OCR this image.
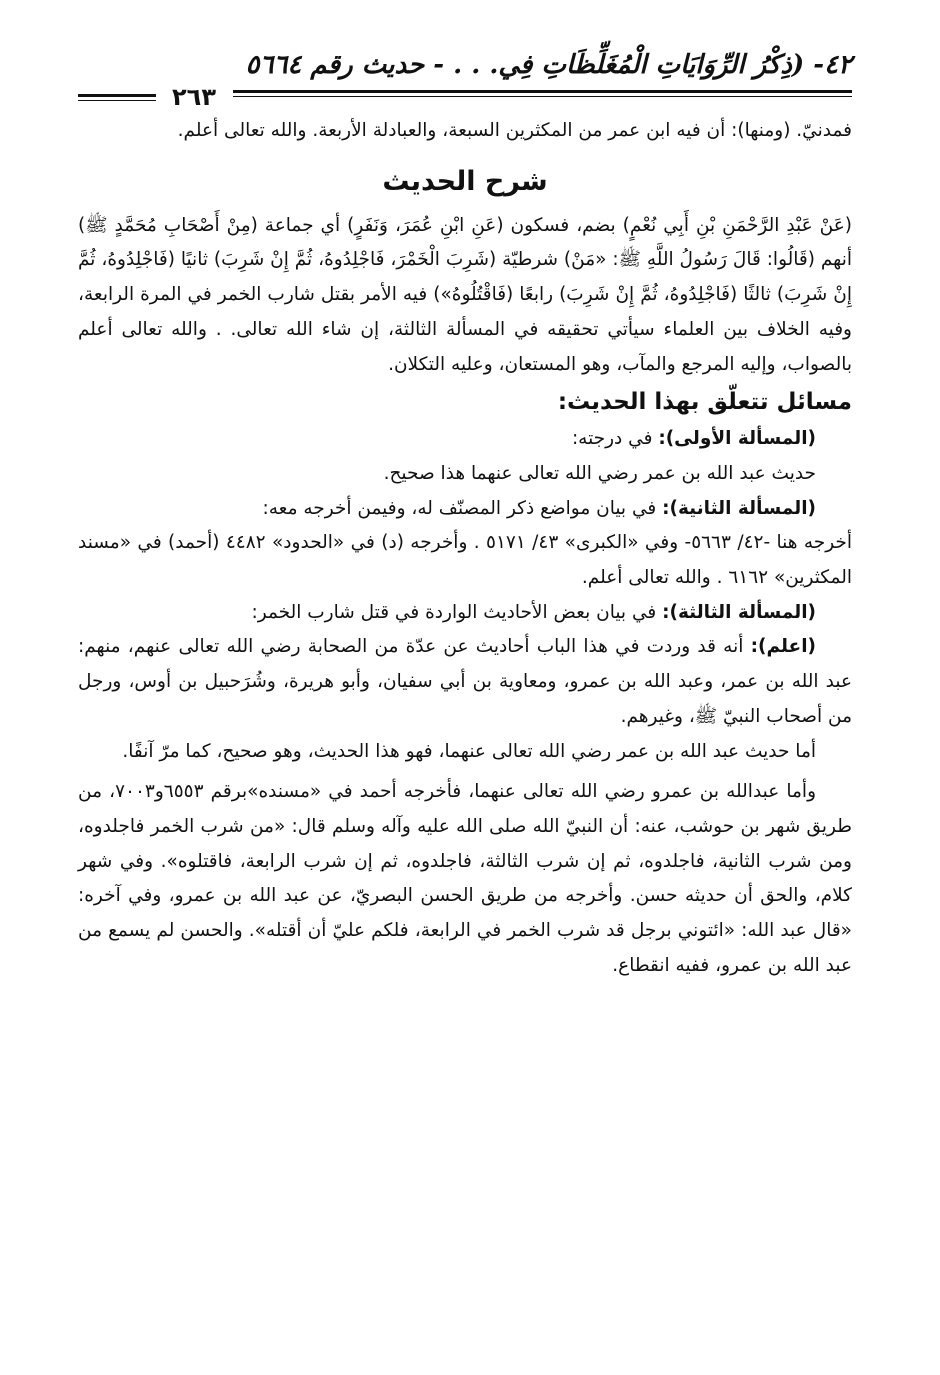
٤٢- (ذِكْرُ الرِّوَايَاتِ الْمُغَلِّظَاتِ فِي. . . - حديث رقم ٥٦٦٤
٢٦٣

فمدنيّ. (ومنها): أن فيه ابن عمر من المكثرين السبعة، والعبادلة الأربعة. والله تعالى أعلم.

شرح الحديث

(عَنْ عَبْدِ الرَّحْمَنِ بْنِ أَبِي نُعْمٍ) بضم، فسكون (عَنِ ابْنِ عُمَرَ، وَنَفَرٍ) أي جماعة (مِنْ أَصْحَابِ مُحَمَّدٍ ﷺ) أنهم (قَالُوا: قَالَ رَسُولُ اللَّهِ ﷺ: «مَنْ) شرطيّة (شَرِبَ الْخَمْرَ، فَاجْلِدُوهُ، ثُمَّ إِنْ شَرِبَ) ثانيًا (فَاجْلِدُوهُ، ثُمَّ إِنْ شَرِبَ) ثالثًا (فَاجْلِدُوهُ، ثُمَّ إِنْ شَرِبَ) رابعًا (فَاقْتُلُوهُ») فيه الأمر بقتل شارب الخمر في المرة الرابعة، وفيه الخلاف بين العلماء سيأتي تحقيقه في المسألة الثالثة، إن شاء الله تعالى. . والله تعالى أعلم بالصواب، وإليه المرجع والمآب، وهو المستعان، وعليه التكلان.

مسائل تتعلّق بهذا الحديث:

(المسألة الأولى): في درجته:

حديث عبد الله بن عمر رضي الله تعالى عنهما هذا صحيح.

(المسألة الثانية): في بيان مواضع ذكر المصنّف له، وفيمن أخرجه معه:

أخرجه هنا -٤٢/ ٥٦٦٣- وفي «الكبرى» ٤٣/ ٥١٧١ . وأخرجه (د) في «الحدود» ٤٤٨٢ (أحمد) في «مسند المكثرين» ٦١٦٢ . والله تعالى أعلم.

(المسألة الثالثة): في بيان بعض الأحاديث الواردة في قتل شارب الخمر:

(اعلم): أنه قد وردت في هذا الباب أحاديث عن عدّة من الصحابة رضي الله تعالى عنهم، منهم: عبد الله بن عمر، وعبد الله بن عمرو، ومعاوية بن أبي سفيان، وأبو هريرة، وشُرَحبيل بن أوس، ورجل من أصحاب النبيّ ﷺ، وغيرهم.

أما حديث عبد الله بن عمر رضي الله تعالى عنهما، فهو هذا الحديث، وهو صحيح، كما مرّ آنفًا.

وأما عبدالله بن عمرو رضي الله تعالى عنهما، فأخرجه أحمد في «مسنده»برقم ٦٥٥٣و٧٠٠٣، من طريق شهر بن حوشب، عنه: أن النبيّ الله صلى الله عليه وآله وسلم قال: «من شرب الخمر فاجلدوه، ومن شرب الثانية، فاجلدوه، ثم إن شرب الثالثة، فاجلدوه، ثم إن شرب الرابعة، فاقتلوه». وفي شهر كلام، والحق أن حديثه حسن. وأخرجه من طريق الحسن البصريّ، عن عبد الله بن عمرو، وفي آخره: «قال عبد الله: «ائتوني برجل قد شرب الخمر في الرابعة، فلكم عليّ أن أقتله». والحسن لم يسمع من عبد الله بن عمرو، ففيه انقطاع.
